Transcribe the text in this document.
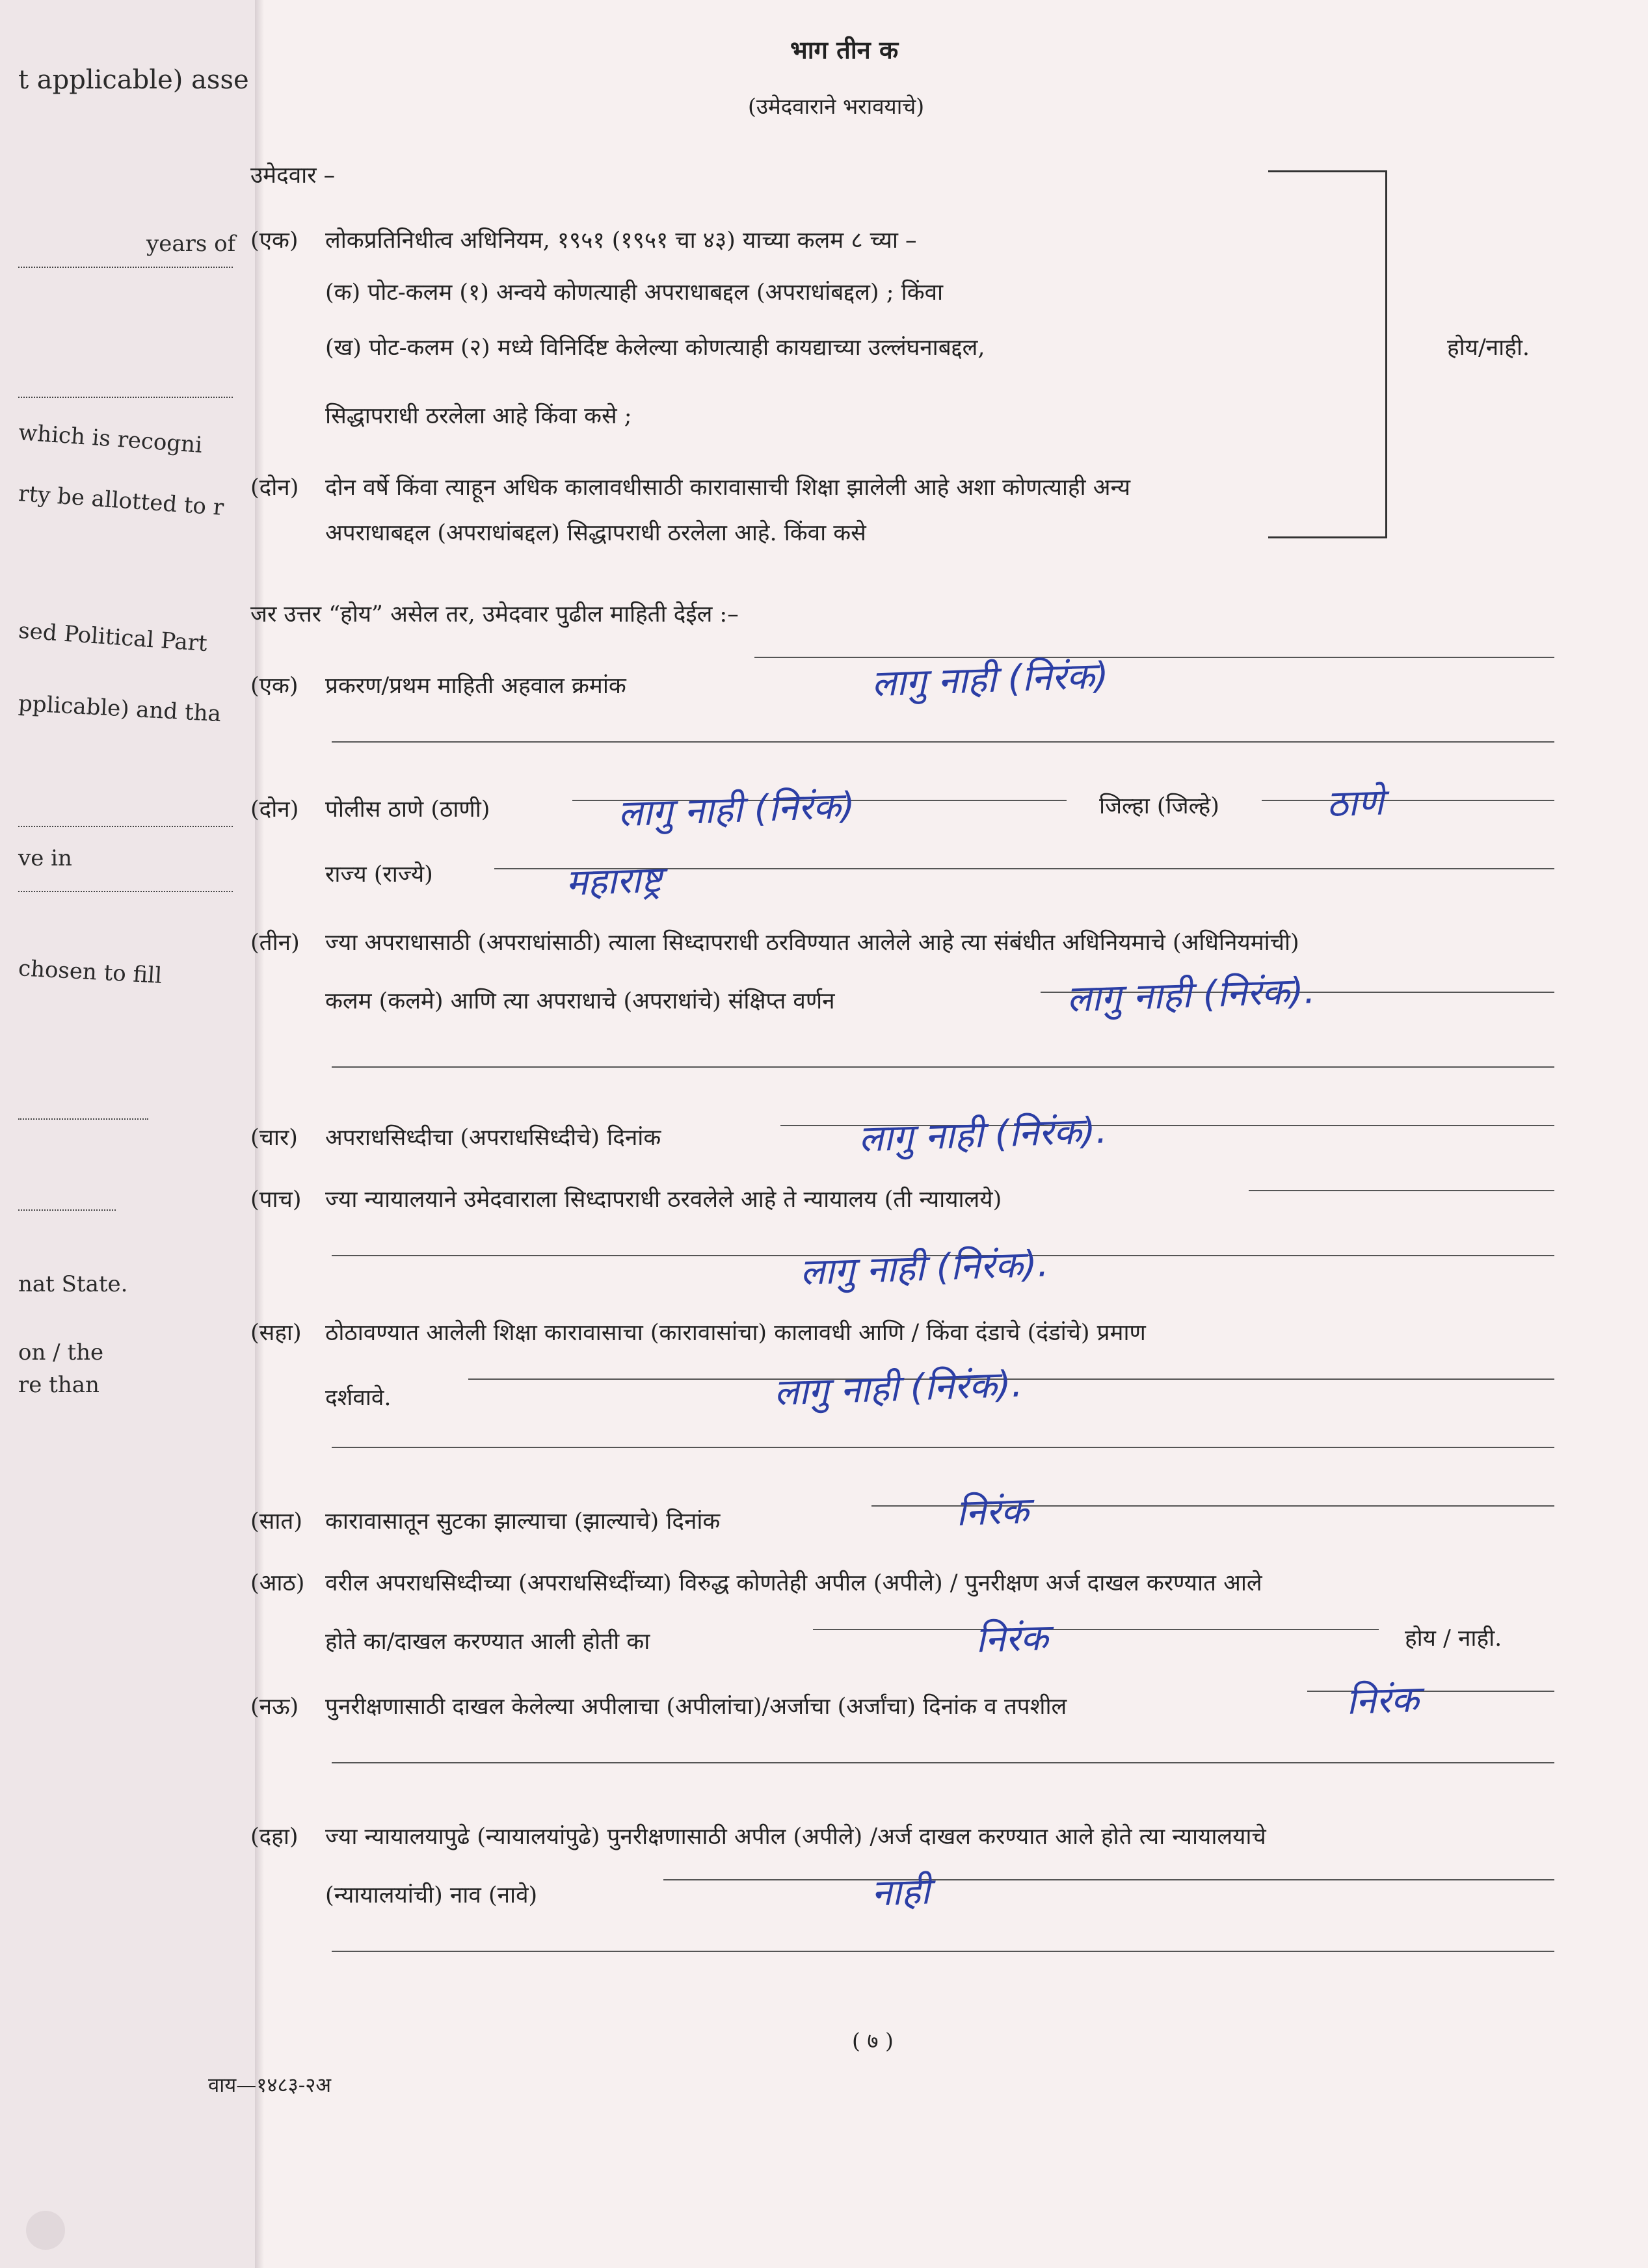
t applicable) asse
years of
which is recogni
rty be allotted to r
sed Political Part
pplicable) and tha
ve in
chosen to fill
nat State.
on / the
re than
भाग तीन क
(उमेदवाराने भरावयाचे)
उमेदवार –
(एक) लोकप्रतिनिधीत्व अधिनियम, १९५१ (१९५१ चा ४३) याच्या कलम ८ च्या –
(क) पोट-कलम (१) अन्वये कोणत्याही अपराधाबद्दल (अपराधांबद्दल) ; किंवा
(ख) पोट-कलम (२) मध्ये विनिर्दिष्ट केलेल्या कोणत्याही कायद्याच्या उल्लंघनाबद्दल,
सिद्धापराधी ठरलेला आहे किंवा कसे ;
होय/नाही.
(दोन) दोन वर्षे किंवा त्याहून अधिक कालावधीसाठी कारावासाची शिक्षा झालेली आहे अशा कोणत्याही अन्य
अपराधाबद्दल (अपराधांबद्दल) सिद्धापराधी ठरलेला आहे. किंवा कसे
जर उत्तर “होय” असेल तर, उमेदवार पुढील माहिती देईल :–
(एक) प्रकरण/प्रथम माहिती अहवाल क्रमांक	लागु नाही (निरंक)
(दोन) पोलीस ठाणे (ठाणी)	लागु नाही (निरंक)	जिल्हा (जिल्हे)	ठाणे
राज्य (राज्ये)	महाराष्ट्र
(तीन) ज्या अपराधासाठी (अपराधांसाठी) त्याला सिध्दापराधी ठरविण्यात आलेले आहे त्या संबंधीत अधिनियमाचे (अधिनियमांची)
कलम (कलमे) आणि त्या अपराधाचे (अपराधांचे) संक्षिप्त वर्णन	लागु नाही (निरंक).
(चार) अपराधसिध्दीचा (अपराधसिध्दीचे) दिनांक	लागु नाही (निरंक).
(पाच) ज्या न्यायालयाने उमेदवाराला सिध्दापराधी ठरवलेले आहे ते न्यायालय (ती न्यायालये)
लागु नाही (निरंक).
(सहा) ठोठावण्यात आलेली शिक्षा कारावासाचा (कारावासांचा) कालावधी आणि / किंवा दंडाचे (दंडांचे) प्रमाण
दर्शवावे.	लागु नाही (निरंक).
(सात) कारावासातून सुटका झाल्याचा (झाल्याचे) दिनांक	निरंक
(आठ) वरील अपराधसिध्दीच्या (अपराधसिध्दींच्या) विरुद्ध कोणतेही अपील (अपीले) / पुनरीक्षण अर्ज दाखल करण्यात आले
होते का/दाखल करण्यात आली होती का	निरंक	होय / नाही.
(नऊ) पुनरीक्षणासाठी दाखल केलेल्या अपीलाचा (अपीलांचा)/अर्जाचा (अर्जांचा) दिनांक व तपशील	निरंक
(दहा) ज्या न्यायालयापुढे (न्यायालयांपुढे) पुनरीक्षणासाठी अपील (अपीले) /अर्ज दाखल करण्यात आले होते त्या न्यायालयाचे
(न्यायालयांची) नाव (नावे)	नाही
( ७ )
वाय—१४८३-२अ
